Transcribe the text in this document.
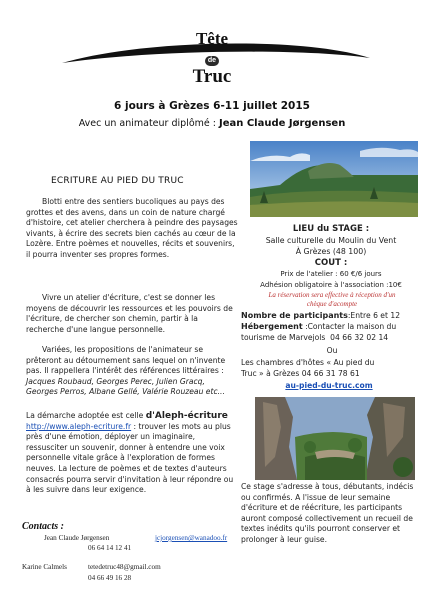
Tête
de
Truc
6 jours à Grèzes 6-11 juillet 2015
Avec un animateur diplômé : Jean Claude Jørgensen
ECRITURE AU PIED DU TRUC
Blotti entre des sentiers bucoliques au pays des grottes et des avens, dans un coin de nature chargé d'histoire, cet atelier cherchera à peindre des paysages vivants, à écrire des secrets bien cachés au cœur de la Lozère. Entre poèmes et nouvelles, récits et souvenirs, il pourra inventer ses propres formes.
Vivre un atelier d'écriture, c'est se donner les moyens de découvrir les ressources et les pouvoirs de l'écriture, de chercher son chemin, partir à la recherche d'une langue personnelle.
Variées, les propositions de l'animateur se prêteront au détournement sans lequel on n'invente pas. Il rappellera l'intérêt des références littéraires : Jacques Roubaud, Georges Perec, Julien Gracq, Georges Perros, Albane Gellé, Valérie Rouzeau etc...
La démarche adoptée est celle d'Aleph-écriture http://www.aleph-ecriture.fr : trouver les mots au plus près d'une émotion, déployer un imaginaire, ressusciter un souvenir, donner à entendre une voix personnelle vitale grâce à l'exploration de formes neuves. La lecture de poèmes et de textes d'auteurs consacrés pourra servir d'invitation à leur répondre ou à les suivre dans leur exigence.
Contacts :
Jean Claude Jørgensen	jcjorgensen@wanadoo.fr
06 64 14 12 41
Karine Calmels	tetedetruc48@gmail.com
04 66 49 16 28
LIEU du STAGE :
Salle culturelle du Moulin du Vent
À Grèzes (48 100)
COUT :
Prix de l'atelier : 60 €/6 jours
Adhésion obligatoire à l'association :10€
La réservation sera effective à réception d'un chèque d'acompte
Nombre de participants:Entre 6 et 12
Hébergement :Contacter la maison du
tourisme de Marvejols 04 66 32 02 14
Ou
Les chambres d'hôtes « Au pied du
Truc » à Grèzes 04 66 31 78 61
au-pied-du-truc.com
Ce stage s'adresse à tous, débutants, indécis ou confirmés. A l'issue de leur semaine d'écriture et de réécriture, les participants auront composé collectivement un recueil de textes inédits qu'ils pourront conserver et prolonger à leur guise.
